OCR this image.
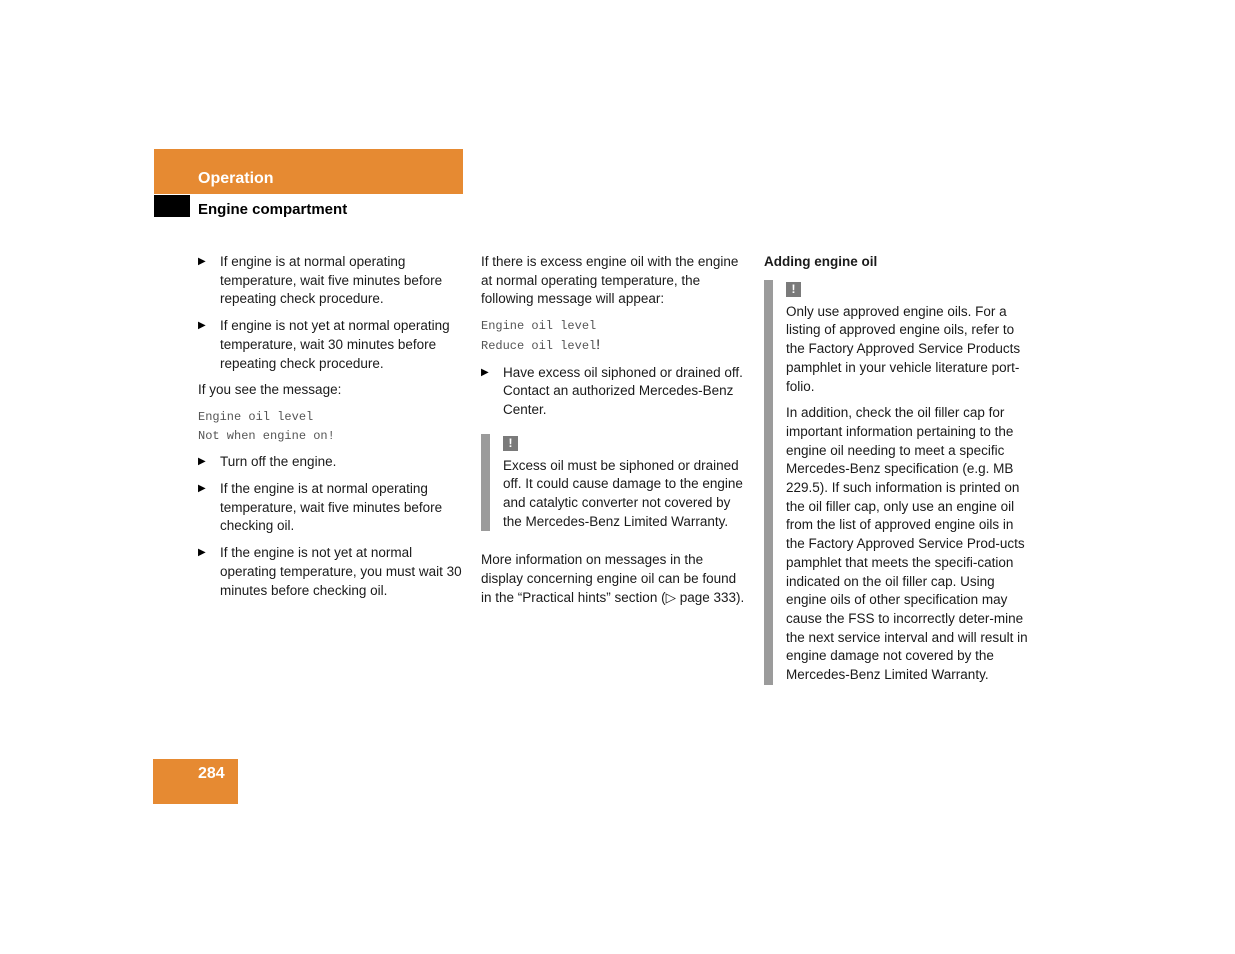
Operation
Engine compartment
▶ If engine is at normal operating temperature, wait five minutes before repeating check procedure.
▶ If engine is not yet at normal operating temperature, wait 30 minutes before repeating check procedure.

If you see the message:

Engine oil level
Not when engine on!
▶ Turn off the engine.
▶ If the engine is at normal operating temperature, wait five minutes before checking oil.
▶ If the engine is not yet at normal operating temperature, you must wait 30 minutes before checking oil.

If there is excess engine oil with the engine at normal operating temperature, the following message will appear:

Engine oil level
Reduce oil level!
▶ Have excess oil siphoned or drained off. Contact an authorized Mercedes-Benz Center.
!

Excess oil must be siphoned or drained off. It could cause damage to the engine and catalytic converter not covered by the Mercedes-Benz Limited Warranty.

More information on messages in the display concerning engine oil can be found in the “Practical hints” section (▷ page 333).

Adding engine oil

!

Only use approved engine oils. For a listing of approved engine oils, refer to the Factory Approved Service Products pamphlet in your vehicle literature port-folio.

In addition, check the oil filler cap for important information pertaining to the engine oil needing to meet a specific Mercedes-Benz specification (e.g. MB 229.5). If such information is printed on the oil filler cap, only use an engine oil from the list of approved engine oils in the Factory Approved Service Prod-ucts pamphlet that meets the specifi-cation indicated on the oil filler cap. Using engine oils of other specification may cause the FSS to incorrectly deter-mine the next service interval and will result in engine damage not covered by the Mercedes-Benz Limited Warranty.

284
